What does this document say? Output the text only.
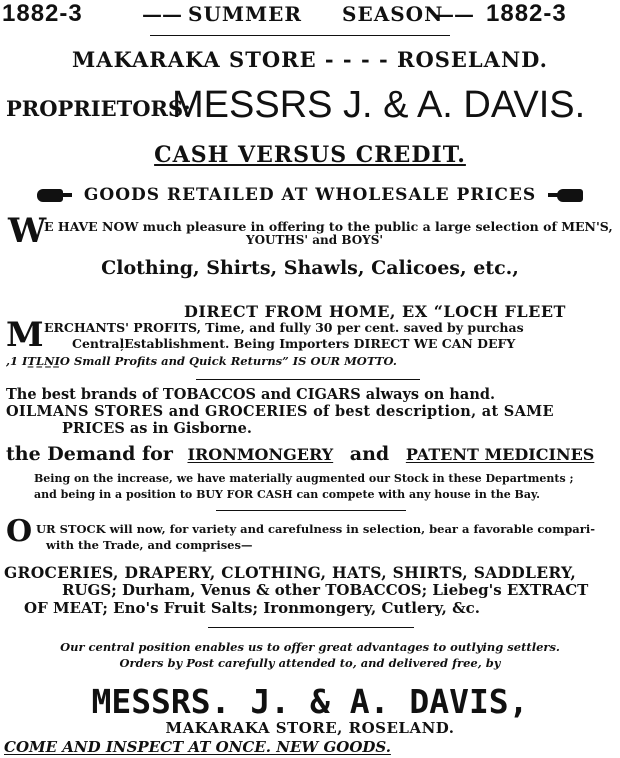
1882-3	—— SUMMER SEASON
—— 1882-3
MAKARAKA STORE - - - - ROSELAND.
PROPRIETORS:
MESSRS J. & A. DAVIS.
CASH VERSUS CREDIT.
GOODS RETAILED AT WHOLESALE PRICES
W
E HAVE NOW much pleasure in offering to the public a large selection of MEN'S,
YOUTHS' and BOYS'
Clothing, Shirts, Shawls, Calicoes, etc.,
DIRECT FROM HOME, EX “LOCH FLEET
M ERCHANTS' PROFITS, Time, and fully 30 per cent. saved by purchas
Central̦Establishment. Being Importers DIRECT WE CAN DEFY
,1 IT̲L̲N̲I̲O Small Profits and Quick Returns” IS OUR MOTTO.
The best brands of TOBACCOS and CIGARS always on hand.
OILMANS STORES and GROCERIES of best description, at SAME
PRICES as in Gisborne.
the Demand for IRONMONGERY and PATENT MEDICINES
Being on the increase, we have materially augmented our Stock in these Departments ;
and being in a position to BUY FOR CASH can compete with any house in the Bay.
O UR STOCK will now, for variety and carefulness in selection, bear a favorable compari-
with the Trade, and comprises—
GROCERIES, DRAPERY, CLOTHING, HATS, SHIRTS, SADDLERY,
RUGS; Durham, Venus & other TOBACCOS; Liebeg's EXTRACT
OF MEAT; Eno's Fruit Salts; Ironmongery, Cutlery, &c.
Our central position enables us to offer great advantages to outlying settlers.
Orders by Post carefully attended to, and delivered free, by
MESSRS. J. & A. DAVIS,
MAKARAKA STORE, ROSELAND.
COME AND INSPECT AT ONCE. NEW GOODS.
